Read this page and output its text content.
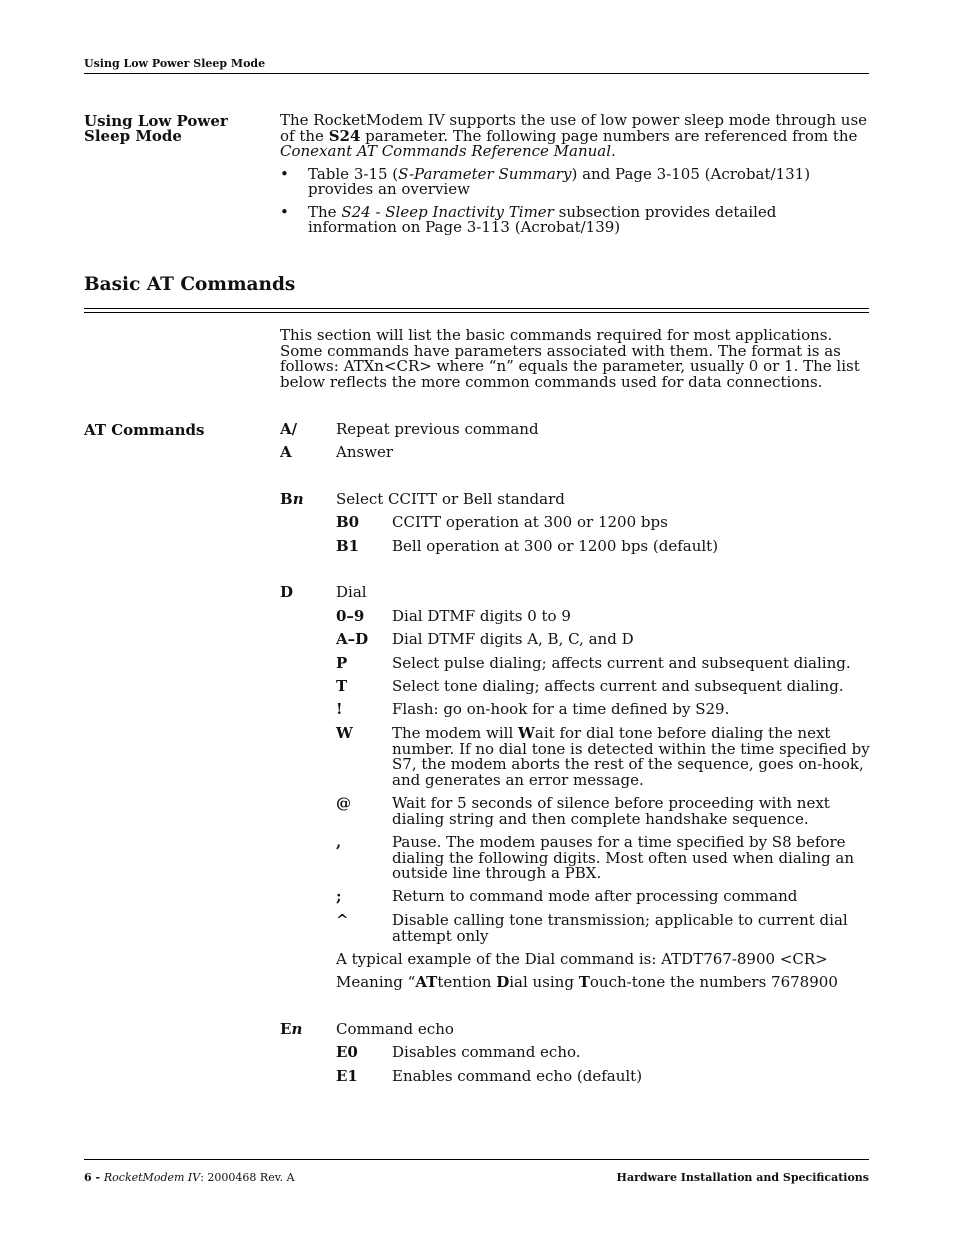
Using Low Power Sleep Mode
Using Low Power
Sleep Mode
The RocketModem IV supports the use of low power sleep mode through use of the S24 parameter. The following page numbers are referenced from the Conexant AT Commands Reference Manual.
• Table 3-15 (S-Parameter Summary) and Page 3-105 (Acrobat/131) provides an overview
• The S24 - Sleep Inactivity Timer subsection provides detailed information on Page 3-113 (Acrobat/139)
Basic AT Commands
This section will list the basic commands required for most applications. Some commands have parameters associated with them. The format is as follows: ATXn<CR> where “n” equals the parameter, usually 0 or 1. The list below reflects the more common commands used for data connections.
AT Commands	A/	Repeat previous command
A	Answer
Bn Select CCITT or Bell standard
B0 CCITT operation at 300 or 1200 bps
B1 Bell operation at 300 or 1200 bps (default)
D	Dial
0–9 Dial DTMF digits 0 to 9
A–D Dial DTMF digits A, B, C, and D
P	Select pulse dialing; affects current and subsequent dialing.
T	Select tone dialing; affects current and subsequent dialing.
!	Flash: go on-hook for a time defined by S29.
W	The modem will Wait for dial tone before dialing the next number. If no dial tone is detected within the time specified by S7, the modem aborts the rest of the sequence, goes on-hook, and generates an error message.
@	Wait for 5 seconds of silence before proceeding with next dialing string and then complete handshake sequence.
,	Pause. The modem pauses for a time specified by S8 before dialing the following digits. Most often used when dialing an outside line through a PBX.
;	Return to command mode after processing command
^	Disable calling tone transmission; applicable to current dial attempt only
A typical example of the Dial command is: ATDT767-8900 <CR>
Meaning “ATtention Dial using Touch-tone the numbers 7678900
En Command echo
E0 Disables command echo.
E1 Enables command echo (default)
6 - RocketModem IV: 2000468 Rev. A	Hardware Installation and Specifications
